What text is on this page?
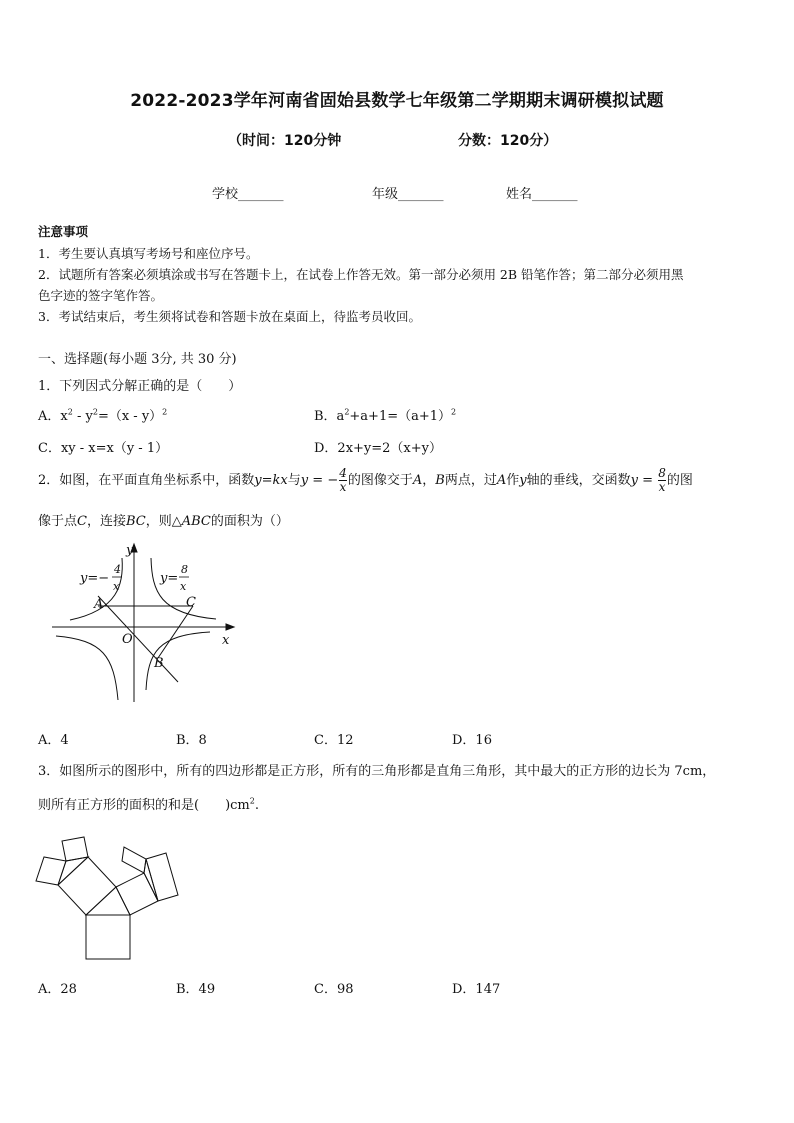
2022-2023学年河南省固始县数学七年级第二学期期末调研模拟试题
（时间：120分钟	分数：120分）
学校_______	年级_______	姓名_______
注意事项
1．考生要认真填写考场号和座位序号。
2．试题所有答案必须填涂或书写在答题卡上，在试卷上作答无效。第一部分必须用 2B 铅笔作答；第二部分必须用黑
色字迹的签字笔作答。
3．考试结束后，考生须将试卷和答题卡放在桌面上，待监考员收回。
一、选择题(每小题 3分, 共 30 分)
1．下列因式分解正确的是（　　）
A．$x^2 - y^2=(x - y)^2$	B．$a^2+a+1=(a+1)^2$
C．xy - x=x（y - 1）	D．2x+y=2（x+y）
2．如图，在平面直角坐标系中，函数y=kx与y = − $\frac{4}{x}$ 的图像交于A，B两点，过A作y轴的垂线，交函数$y = \frac{8}{x}$ 的图
像于点C，连接BC，则△ABC的面积为（）
y
x
O
A
B
C
y=−
4
x
y=
8
x
A．4	B．8	C．12	D．16
3．如图所示的图形中，所有的四边形都是正方形，所有的三角形都是直角三角形，其中最大的正方形的边长为 7cm，
则所有正方形的面积的和是(　　)$cm^2$.
A．28	B．49	C．98	D．147
